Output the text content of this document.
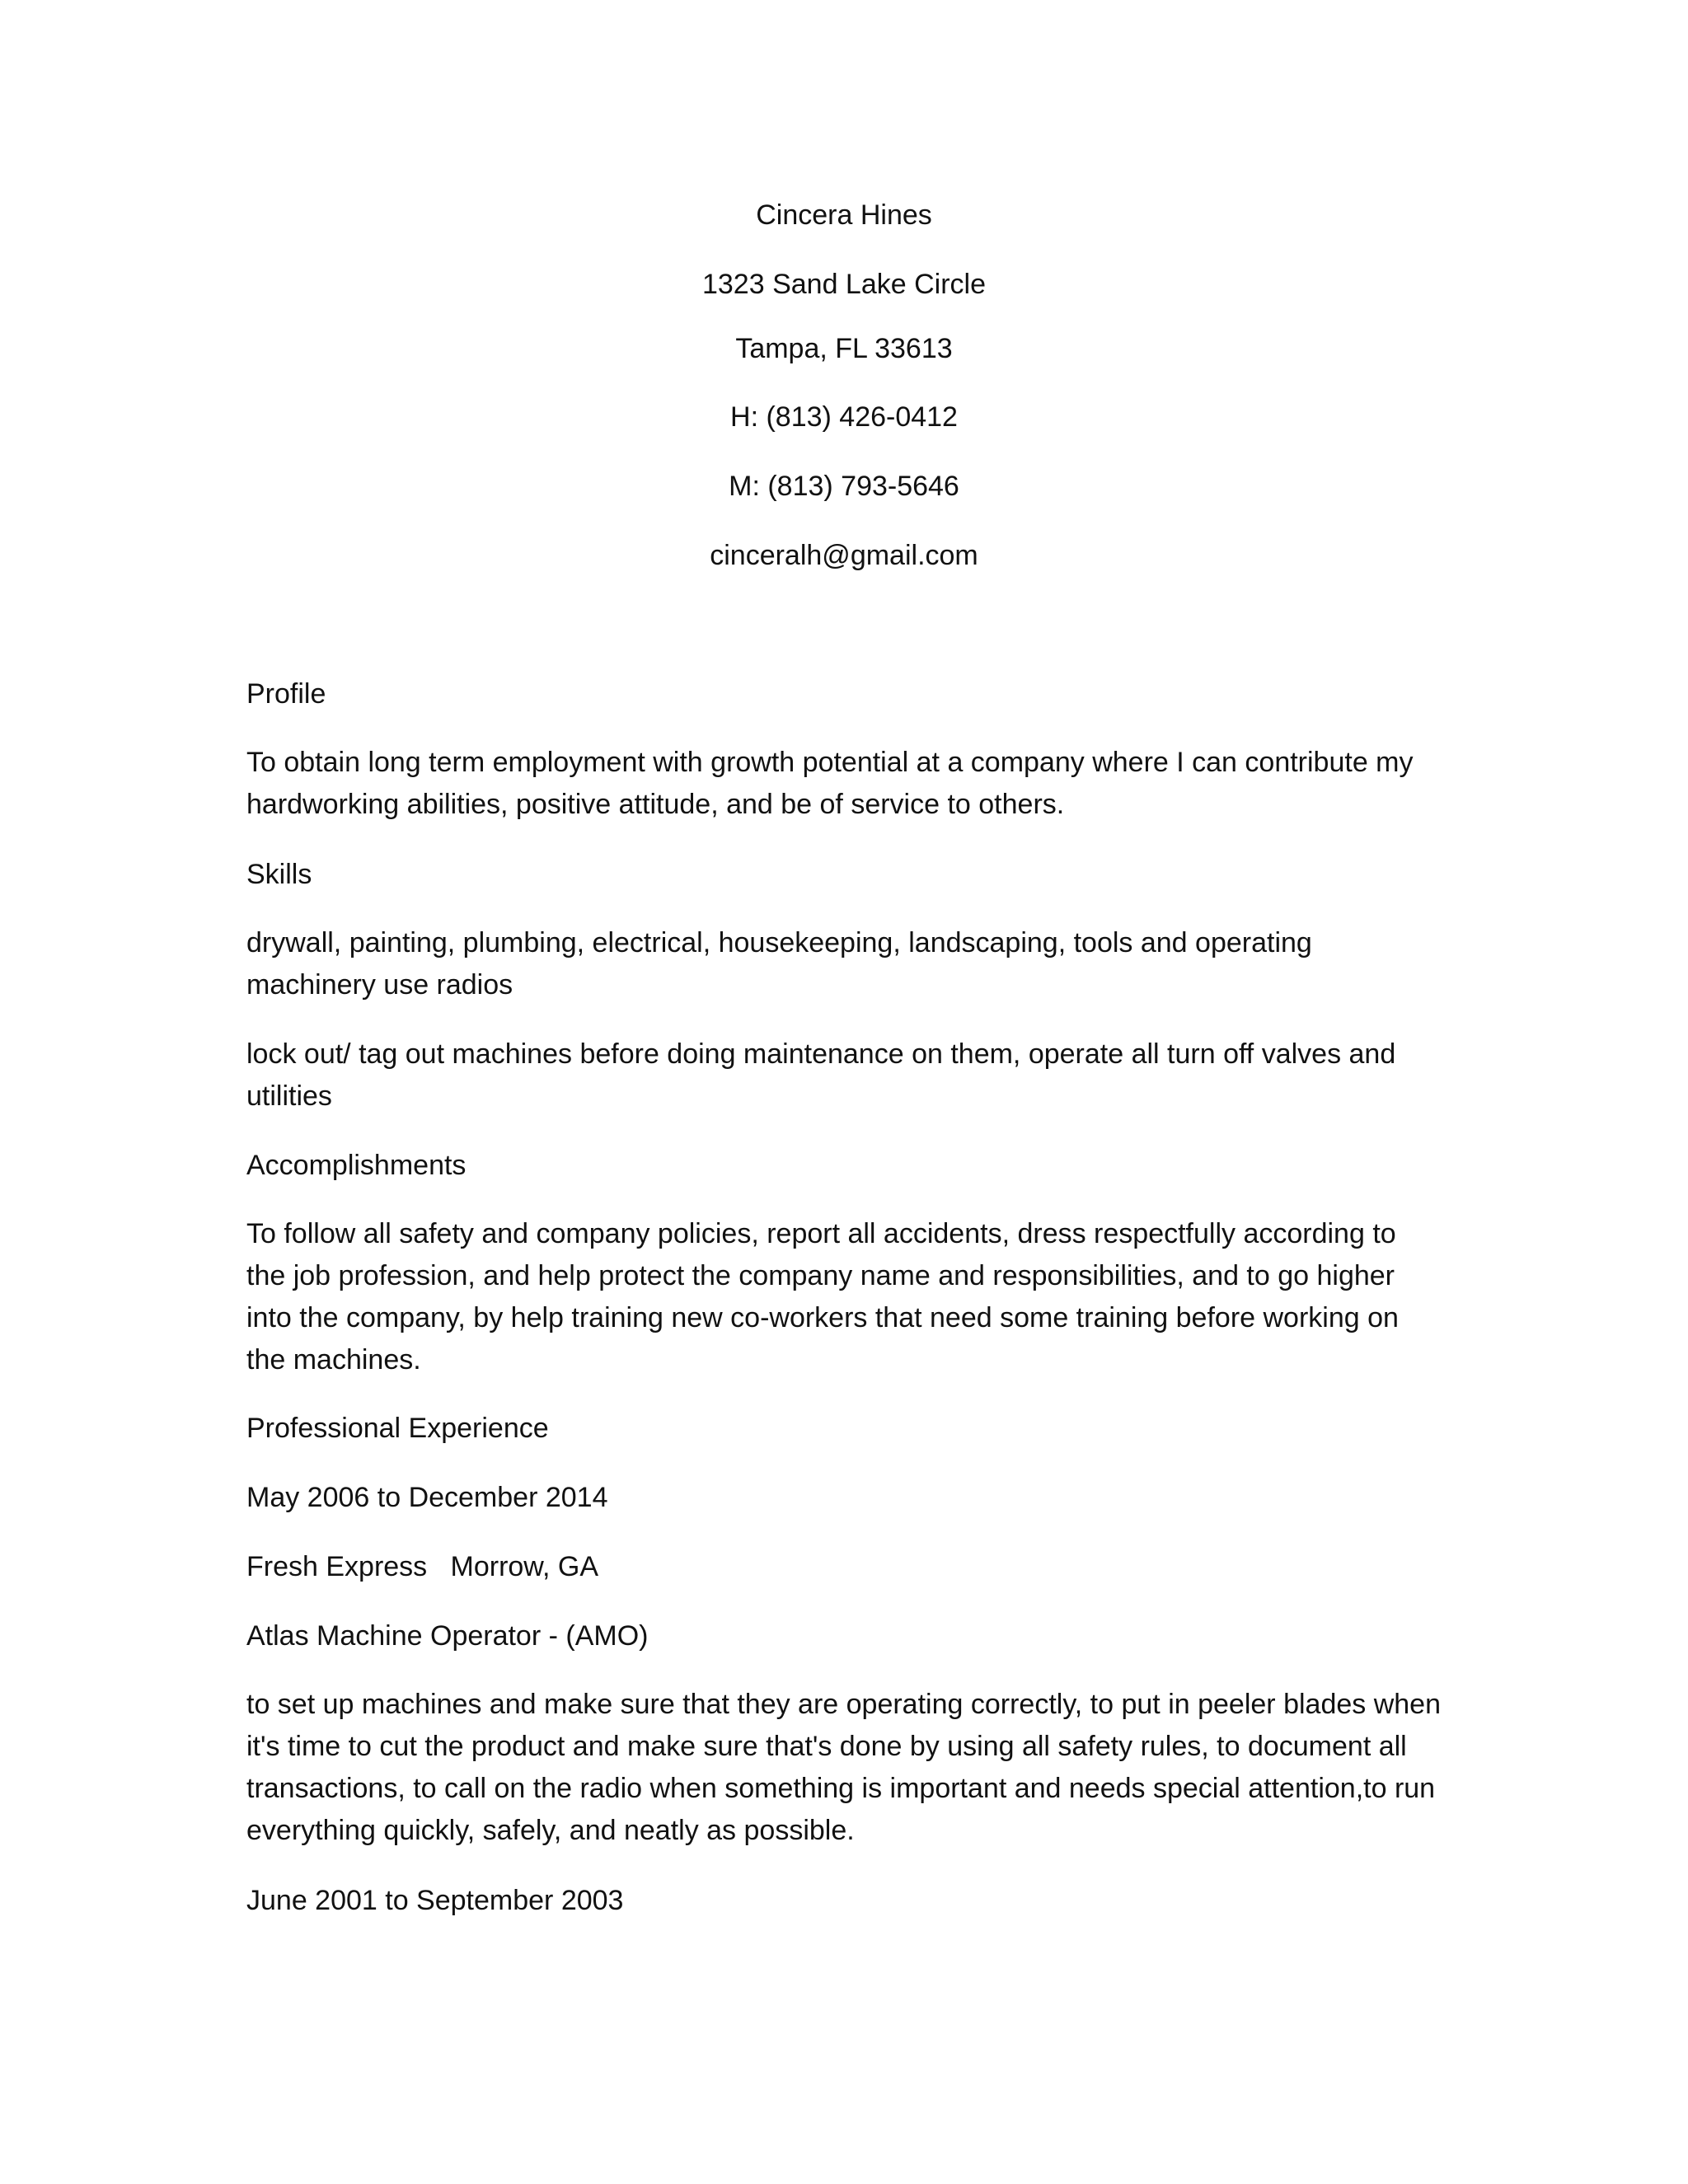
Cincera Hines
1323 Sand Lake Circle
Tampa, FL 33613
H: (813) 426-0412
M: (813) 793-5646
cinceralh@gmail.com
Profile

To obtain long term employment with growth potential at a company where I can contribute my hardworking abilities, positive attitude, and be of service to others.

Skills

drywall, painting, plumbing, electrical, housekeeping, landscaping, tools and operating machinery use radios

lock out/ tag out machines before doing maintenance on them, operate all turn off valves and utilities

Accomplishments

To follow all safety and company policies, report all accidents, dress respectfully according to the job profession, and help protect the company name and responsibilities, and to go higher into the company, by help training new co-workers that need some training before working on the machines.

Professional Experience
May 2006 to December 2014
Fresh Express   Morrow, GA
Atlas Machine Operator - (AMO)

to set up machines and make sure that they are operating correctly, to put in peeler blades when it's time to cut the product and make sure that's done by using all safety rules, to document all transactions, to call on the radio when something is important and needs special attention,to run everything quickly, safely, and neatly as possible.

June 2001 to September 2003
